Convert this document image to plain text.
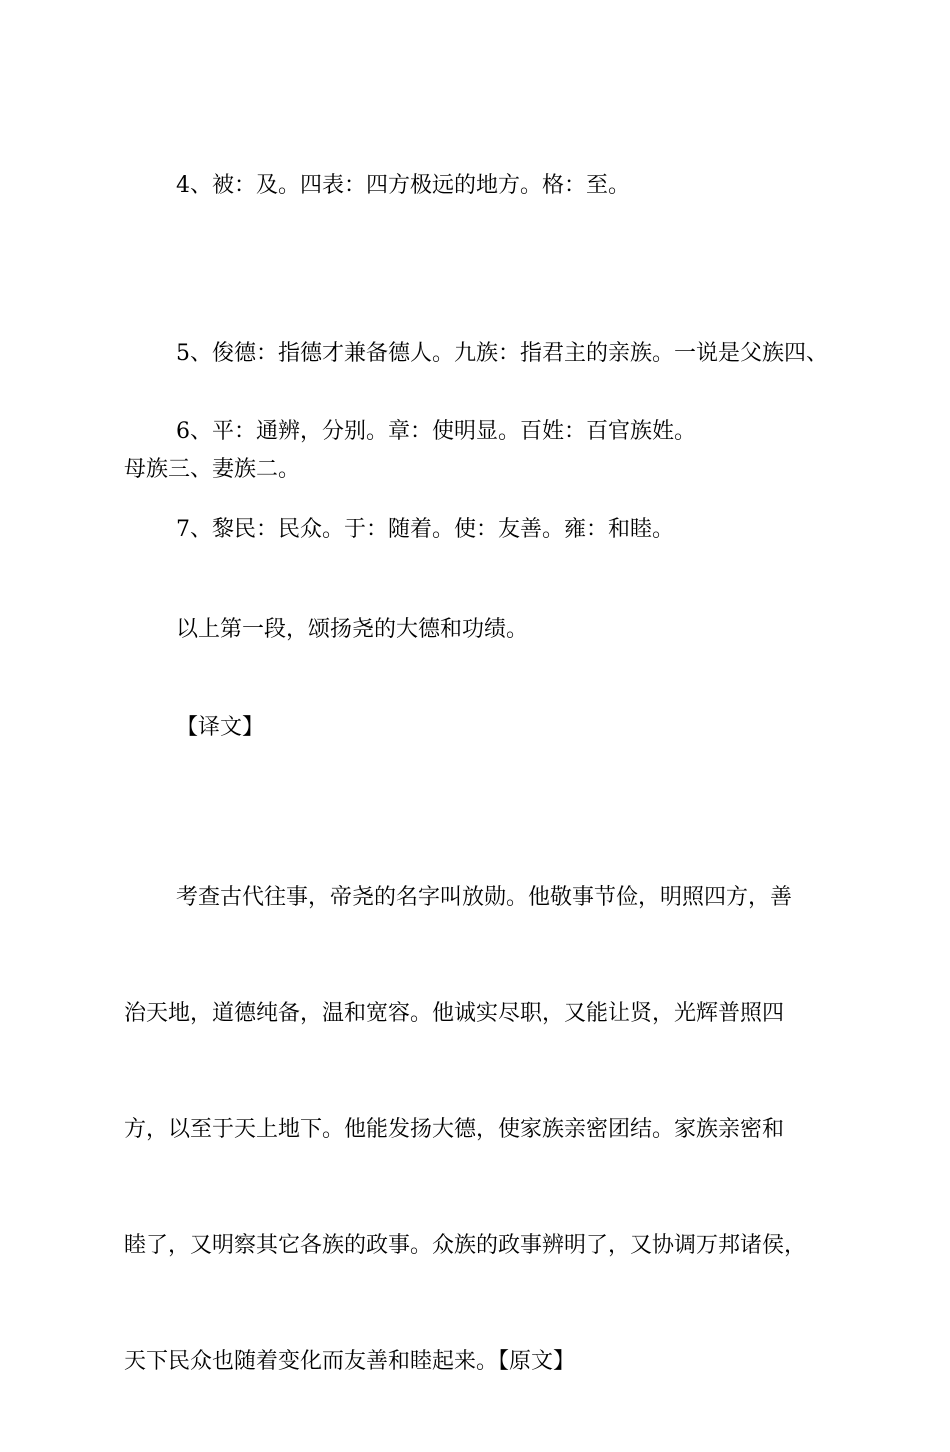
4、被：及。四表：四方极远的地方。格：至。

5、俊德：指德才兼备德人。九族：指君主的亲族。一说是父族四、

母族三、妻族二。

6、平：通辨，分别。章：使明显。百姓：百官族姓。

7、黎民：民众。于：随着。使：友善。雍：和睦。

以上第一段，颂扬尧的大德和功绩。

【译文】

考查古代往事，帝尧的名字叫放勋。他敬事节俭，明照四方，善

治天地，道德纯备，温和宽容。他诚实尽职，又能让贤，光辉普照四

方，以至于天上地下。他能发扬大德，使家族亲密团结。家族亲密和

睦了，又明察其它各族的政事。众族的政事辨明了，又协调万邦诸侯，

天下民众也随着变化而友善和睦起来。【原文】
